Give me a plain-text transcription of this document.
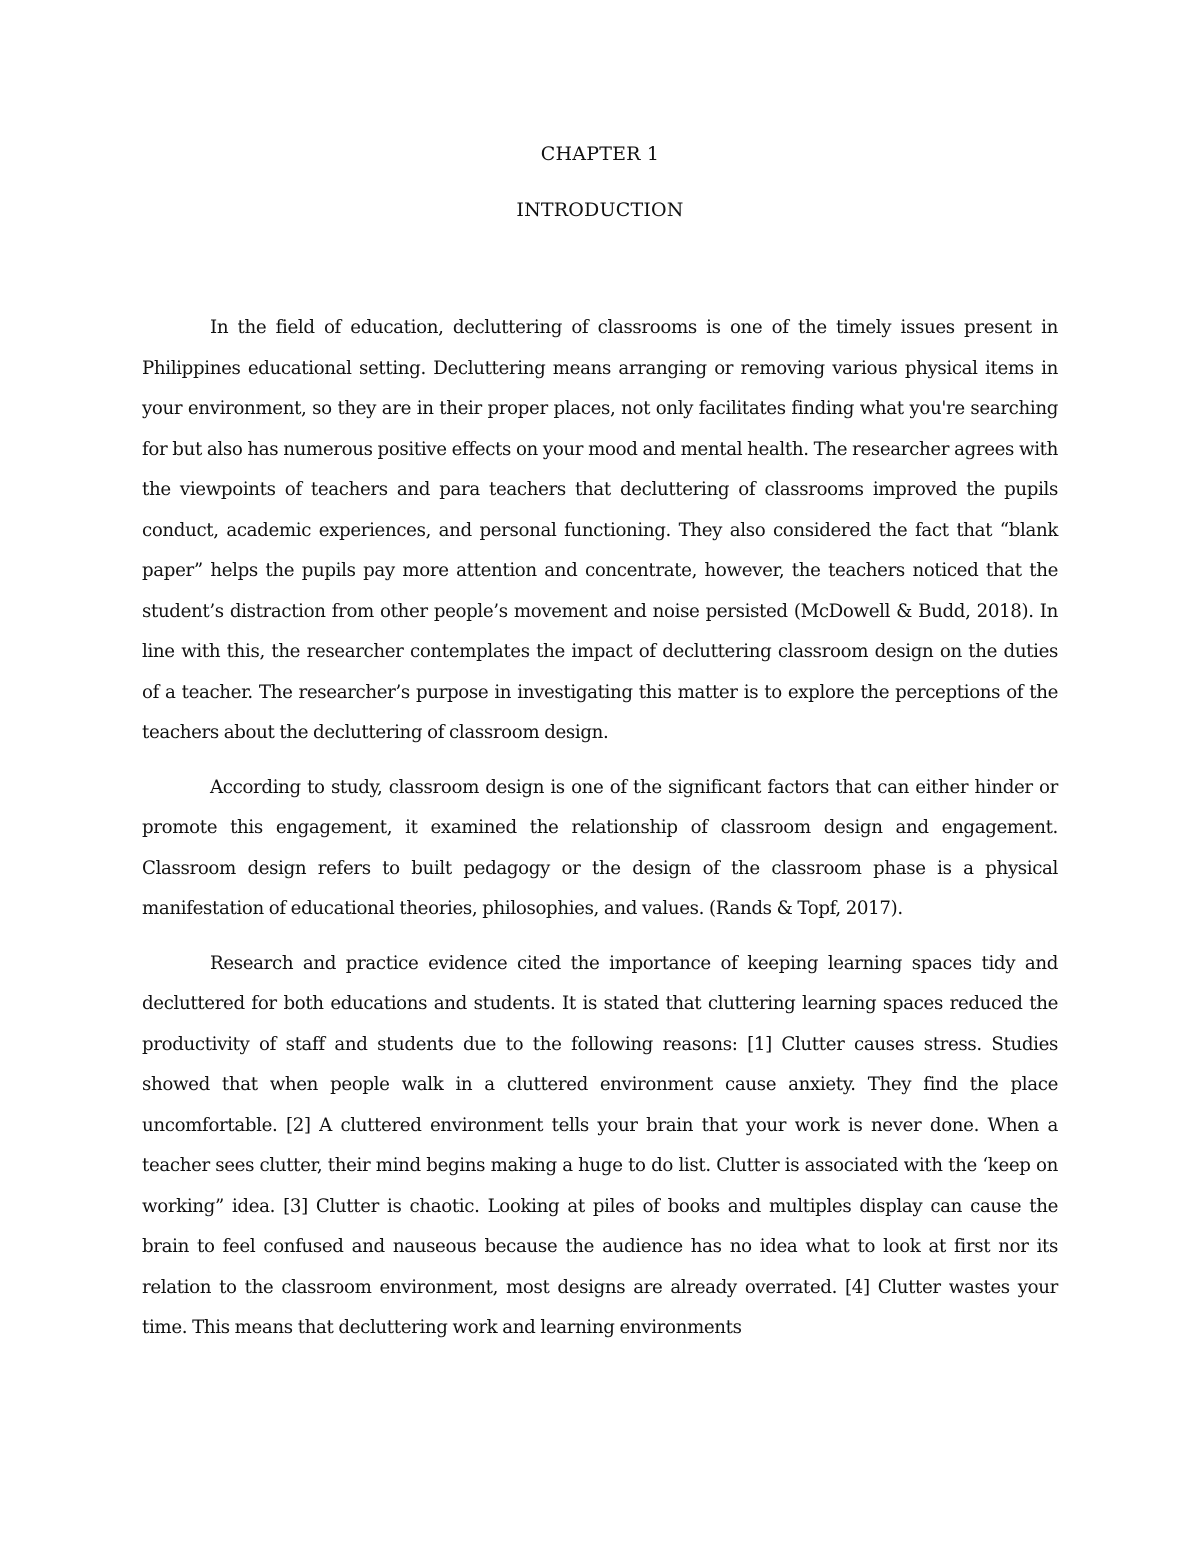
CHAPTER 1
INTRODUCTION

In the field of education, decluttering of classrooms is one of the timely issues present in Philippines educational setting. Decluttering means arranging or removing various physical items in your environment, so they are in their proper places, not only facilitates finding what you're searching for but also has numerous positive effects on your mood and mental health. The researcher agrees with the viewpoints of teachers and para teachers that decluttering of classrooms improved the pupils conduct, academic experiences, and personal functioning. They also considered the fact that “blank paper” helps the pupils pay more attention and concentrate, however, the teachers noticed that the student’s distraction from other people’s movement and noise persisted (McDowell & Budd, 2018). In line with this, the researcher contemplates the impact of decluttering classroom design on the duties of a teacher. The researcher’s purpose in investigating this matter is to explore the perceptions of the teachers about the decluttering of classroom design.

According to study, classroom design is one of the significant factors that can either hinder or promote this engagement, it examined the relationship of classroom design and engagement. Classroom design refers to built pedagogy or the design of the classroom phase is a physical manifestation of educational theories, philosophies, and values. (Rands & Topf, 2017).

Research and practice evidence cited the importance of keeping learning spaces tidy and decluttered for both educations and students. It is stated that cluttering learning spaces reduced the productivity of staff and students due to the following reasons: [1] Clutter causes stress. Studies showed that when people walk in a cluttered environment cause anxiety. They find the place uncomfortable. [2] A cluttered environment tells your brain that your work is never done. When a teacher sees clutter, their mind begins making a huge to do list. Clutter is associated with the ‘keep on working” idea. [3] Clutter is chaotic. Looking at piles of books and multiples display can cause the brain to feel confused and nauseous because the audience has no idea what to look at first nor its relation to the classroom environment, most designs are already overrated. [4] Clutter wastes your time. This means that decluttering work and learning environments
